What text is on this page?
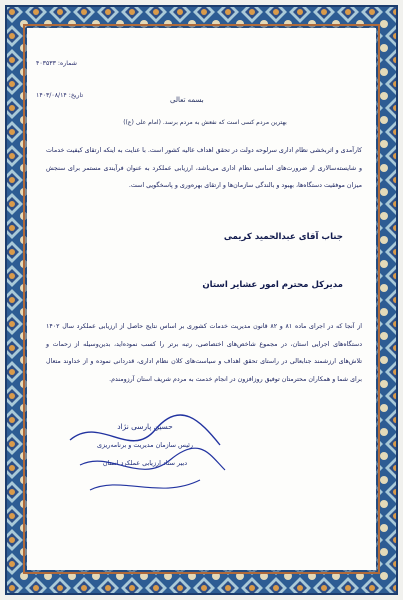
شماره: ۴۰۳۵۳۳
تاریخ: ۱۴۰۳/۰۸/۱۴
بسمه تعالی
بهترین مردم کسی است که نفعش به مردم برسد. (امام علی (ع))
کارآمدی و اثربخشی نظام اداری سرلوحه دولت در تحقق اهداف عالیه کشور است. با عنایت به اینکه ارتقای کیفیت خدمات و شایسته‌سالاری از ضرورت‌های اساسی نظام اداری می‌باشد، ارزیابی عملکرد به عنوان فرآیندی مستمر برای سنجش میزان موفقیت دستگاه‌ها، بهبود و بالندگی سازمان‌ها و ارتقای بهره‌وری و پاسخگویی است.
جناب آقای عبدالحمید کریمی
مدیرکل محترم امور عشایر استان
از آنجا که در اجرای ماده ۸۱ و ۸۲ قانون مدیریت خدمات کشوری بر اساس نتایج حاصل از ارزیابی عملکرد سال ۱۴۰۲ دستگاه‌های اجرایی استان، در مجموع شاخص‌های اختصاصی، رتبه برتر را کسب نموده‌اید، بدین‌وسیله از زحمات و تلاش‌های ارزشمند جنابعالی در راستای تحقق اهداف و سیاست‌های کلان نظام اداری، قدردانی نموده و از خداوند متعال برای شما و همکاران محترمتان توفیق روزافزون در انجام خدمت به مردم شریف استان آرزومندم.
حسین پارسی نژاد
رئیس سازمان مدیریت و برنامه‌ریزی
دبیر ستاد ارزیابی عملکرد استان
